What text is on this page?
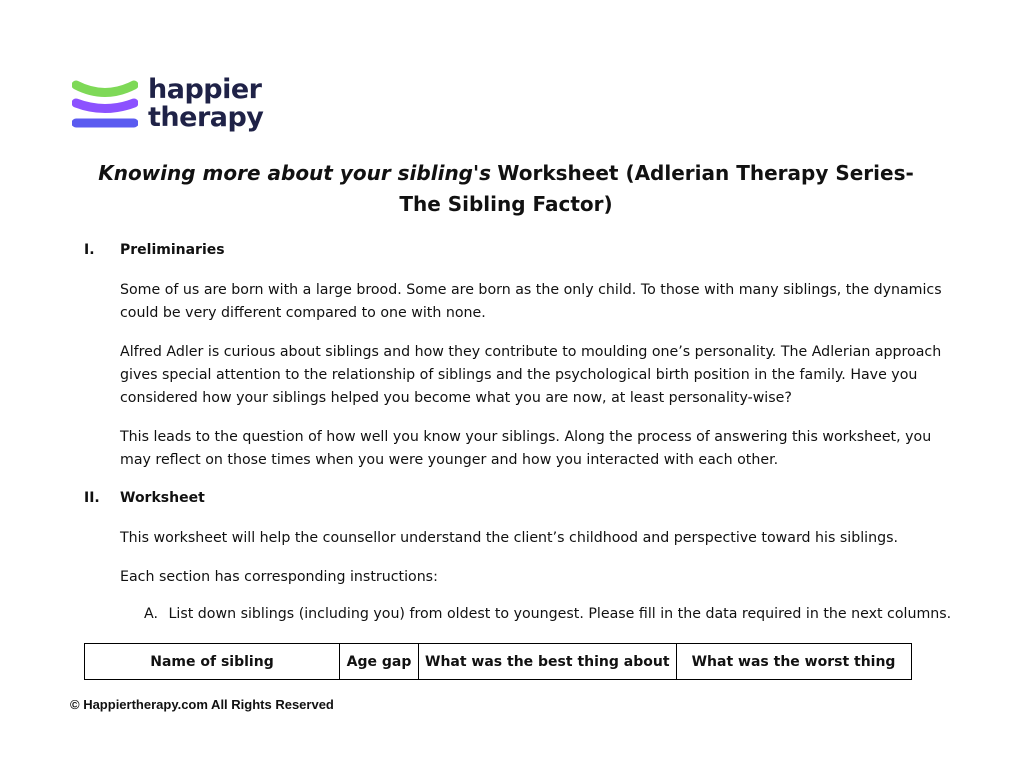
happier
therapy
Knowing more about your sibling's Worksheet (Adlerian Therapy Series- The Sibling Factor)
I. Preliminaries
Some of us are born with a large brood. Some are born as the only child. To those with many siblings, the dynamics could be very different compared to one with none.
Alfred Adler is curious about siblings and how they contribute to moulding one’s personality. The Adlerian approach gives special attention to the relationship of siblings and the psychological birth position in the family. Have you considered how your siblings helped you become what you are now, at least personality-wise?
This leads to the question of how well you know your siblings. Along the process of answering this worksheet, you may reflect on those times when you were younger and how you interacted with each other.
II. Worksheet
This worksheet will help the counsellor understand the client’s childhood and perspective toward his siblings.
Each section has corresponding instructions:
A. List down siblings (including you) from oldest to youngest. Please fill in the data required in the next columns.
Name of sibling	Age gap	What was the best thing about	What was the worst thing
© Happiertherapy.com All Rights Reserved
